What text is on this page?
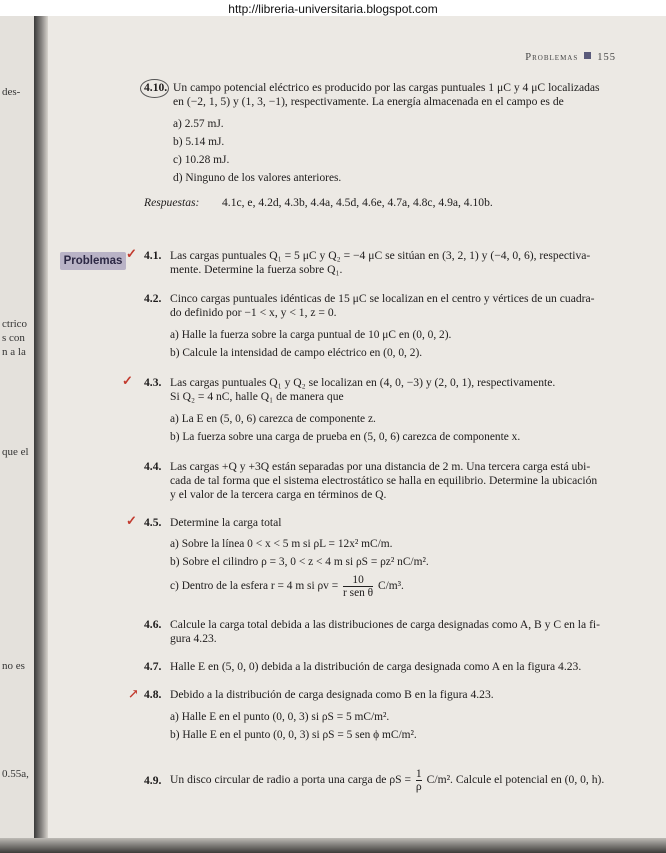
http://libreria-universitaria.blogspot.com
des-
ctrico
s con
n a la
que el
no es
0.55a,
Problemas 155
4.10. Un campo potencial eléctrico es producido por las cargas puntuales 1 μC y 4 μC localizadas
en (−2, 1, 5) y (1, 3, −1), respectivamente. La energía almacenada en el campo es de
a) 2.57 mJ.
b) 5.14 mJ.
c) 10.28 mJ.
d) Ninguno de los valores anteriores.
Respuestas: 4.1c, e, 4.2d, 4.3b, 4.4a, 4.5d, 4.6e, 4.7a, 4.8c, 4.9a, 4.10b.
Problemas ✓ 4.1. Las cargas puntuales Q₁ = 5 μC y Q₂ = −4 μC se sitúan en (3, 2, 1) y (−4, 0, 6), respectiva-
mente. Determine la fuerza sobre Q₁.
4.2. Cinco cargas puntuales idénticas de 15 μC se localizan en el centro y vértices de un cuadra-
do definido por −1 < x, y < 1, z = 0.
a) Halle la fuerza sobre la carga puntual de 10 μC en (0, 0, 2).
b) Calcule la intensidad de campo eléctrico en (0, 0, 2).
✓ 4.3. Las cargas puntuales Q₁ y Q₂ se localizan en (4, 0, −3) y (2, 0, 1), respectivamente.
Si Q₂ = 4 nC, halle Q₁ de manera que
a) La E en (5, 0, 6) carezca de componente z.
b) La fuerza sobre una carga de prueba en (5, 0, 6) carezca de componente x.
4.4. Las cargas +Q y +3Q están separadas por una distancia de 2 m. Una tercera carga está ubi-
cada de tal forma que el sistema electrostático se halla en equilibrio. Determine la ubicación
y el valor de la tercera carga en términos de Q.
✓ 4.5. Determine la carga total
a) Sobre la línea 0 < x < 5 m si ρL = 12x² mC/m.
b) Sobre el cilindro ρ = 3, 0 < z < 4 m si ρS = ρz² nC/m².
c) Dentro de la esfera r = 4 m si $\rho v = \frac{10}{\text{r sen θ}} C/m^3$.
4.6. Calcule la carga total debida a las distribuciones de carga designadas como A, B y C en la fi-
gura 4.23.
4.7. Halle E en (5, 0, 0) debida a la distribución de carga designada como A en la figura 4.23.
↗ 4.8. Debido a la distribución de carga designada como B en la figura 4.23.
a) Halle E en el punto (0, 0, 3) si ρS = 5 mC/m².
b) Halle E en el punto (0, 0, 3) si ρS = 5 sen ϕ mC/m².
4.9. Un disco circular de radio a porta una carga de $\rho S = \frac{1}{\rho} C/m^2$. Calcule el potencial en (0, 0, h).
